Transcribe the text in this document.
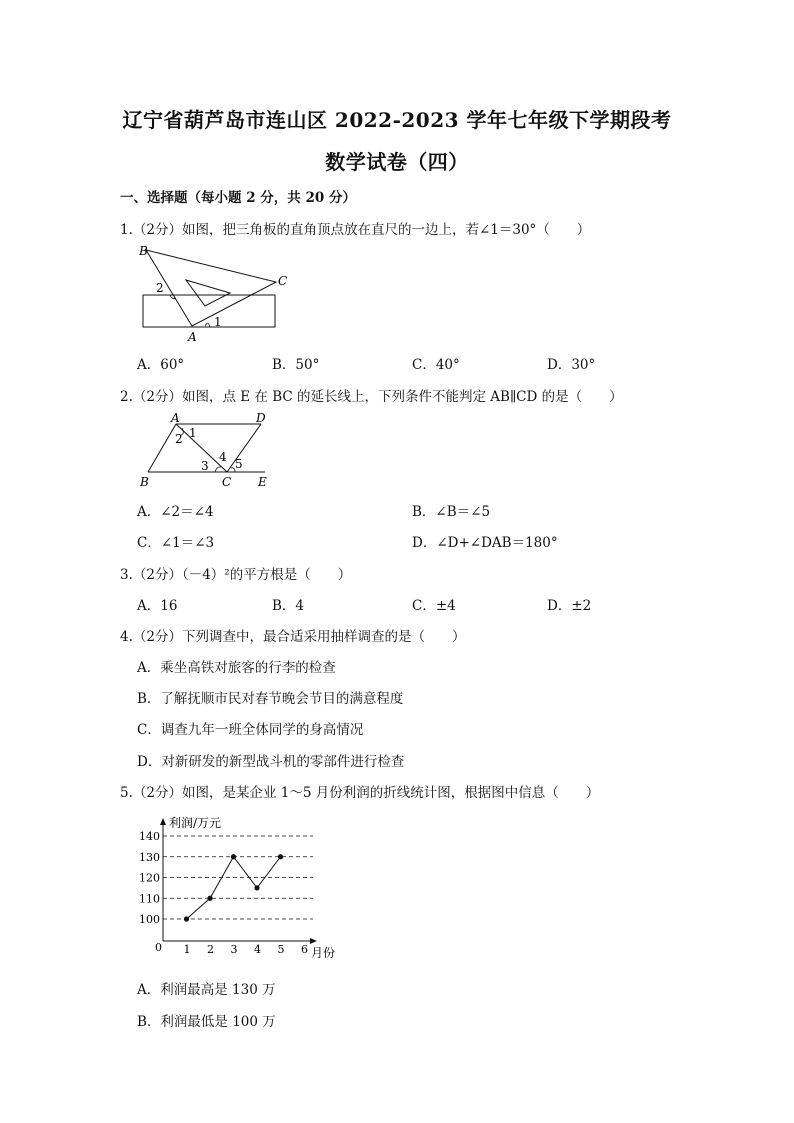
辽宁省葫芦岛市连山区 2022-2023 学年七年级下学期段考
数学试卷（四）
一、选择题（每小题 2 分，共 20 分）
1.（2分）如图，把三角板的直角顶点放在直尺的一边上，若∠1＝30°（　　）
B
C
A
1
2
A．60°	B．50°	C．40°	D．30°
2.（2分）如图，点 E 在 BC 的延长线上，下列条件不能判定 AB∥CD 的是（　　）
A	D
B	C E
1
2
3
4 5
A．∠2＝∠4	B．∠B＝∠5
C．∠1＝∠3	D．∠D+∠DAB＝180°
3.（2分）（－4）²的平方根是（　　）
A．16	B．4	C．±4	D．±2
4.（2分）下列调查中，最合适采用抽样调查的是（　　）
A．乘坐高铁对旅客的行李的检查
B．了解抚顺市民对春节晚会节目的满意程度
C．调查九年一班全体同学的身高情况
D．对新研发的新型战斗机的零部件进行检查
5.（2分）如图，是某企业 1～5 月份利润的折线统计图，根据图中信息（　　）
利润/万元
月份
0
100
110
120
130
140
1 2 3 4 5 6
A．利润最高是 130 万
B．利润最低是 100 万
